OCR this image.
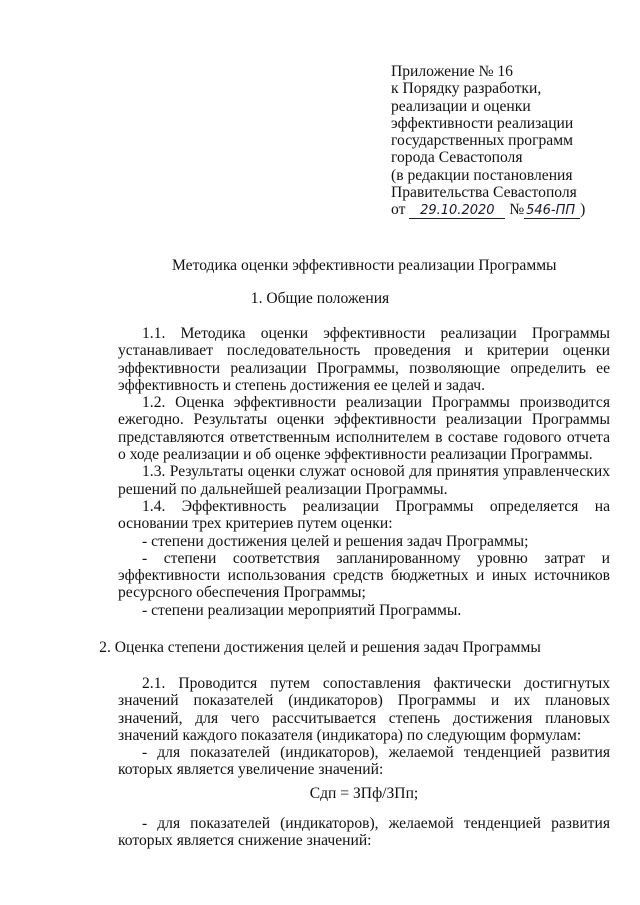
Приложение № 16
к Порядку разработки,
реализации и оценки
эффективности реализации
государственных программ
города Севастополя
(в редакции постановления
Правительства Севастополя
от 29.10.2020 № 546-ПП )
Методика оценки эффективности реализации Программы
1. Общие положения

1.1. Методика оценки эффективности реализации Программы устанавливает последовательность проведения и критерии оценки эффективности реализации Программы, позволяющие определить ее эффективность и степень достижения ее целей и задач.

1.2. Оценка эффективности реализации Программы производится ежегодно. Результаты оценки эффективности реализации Программы представляются ответственным исполнителем в составе годового отчета о ходе реализации и об оценке эффективности реализации Программы.

1.3. Результаты оценки служат основой для принятия управленческих решений по дальнейшей реализации Программы.

1.4. Эффективность реализации Программы определяется на основании трех критериев путем оценки:

- степени достижения целей и решения задач Программы;

- степени соответствия запланированному уровню затрат и эффективности использования средств бюджетных и иных источников ресурсного обеспечения Программы;

- степени реализации мероприятий Программы.

2. Оценка степени достижения целей и решения задач Программы

2.1. Проводится путем сопоставления фактически достигнутых значений показателей (индикаторов) Программы и их плановых значений, для чего рассчитывается степень достижения плановых значений каждого показателя (индикатора) по следующим формулам:

- для показателей (индикаторов), желаемой тенденцией развития которых является увеличение значений:

Сдп = ЗПф/ЗПп;

- для показателей (индикаторов), желаемой тенденцией развития которых является снижение значений:
